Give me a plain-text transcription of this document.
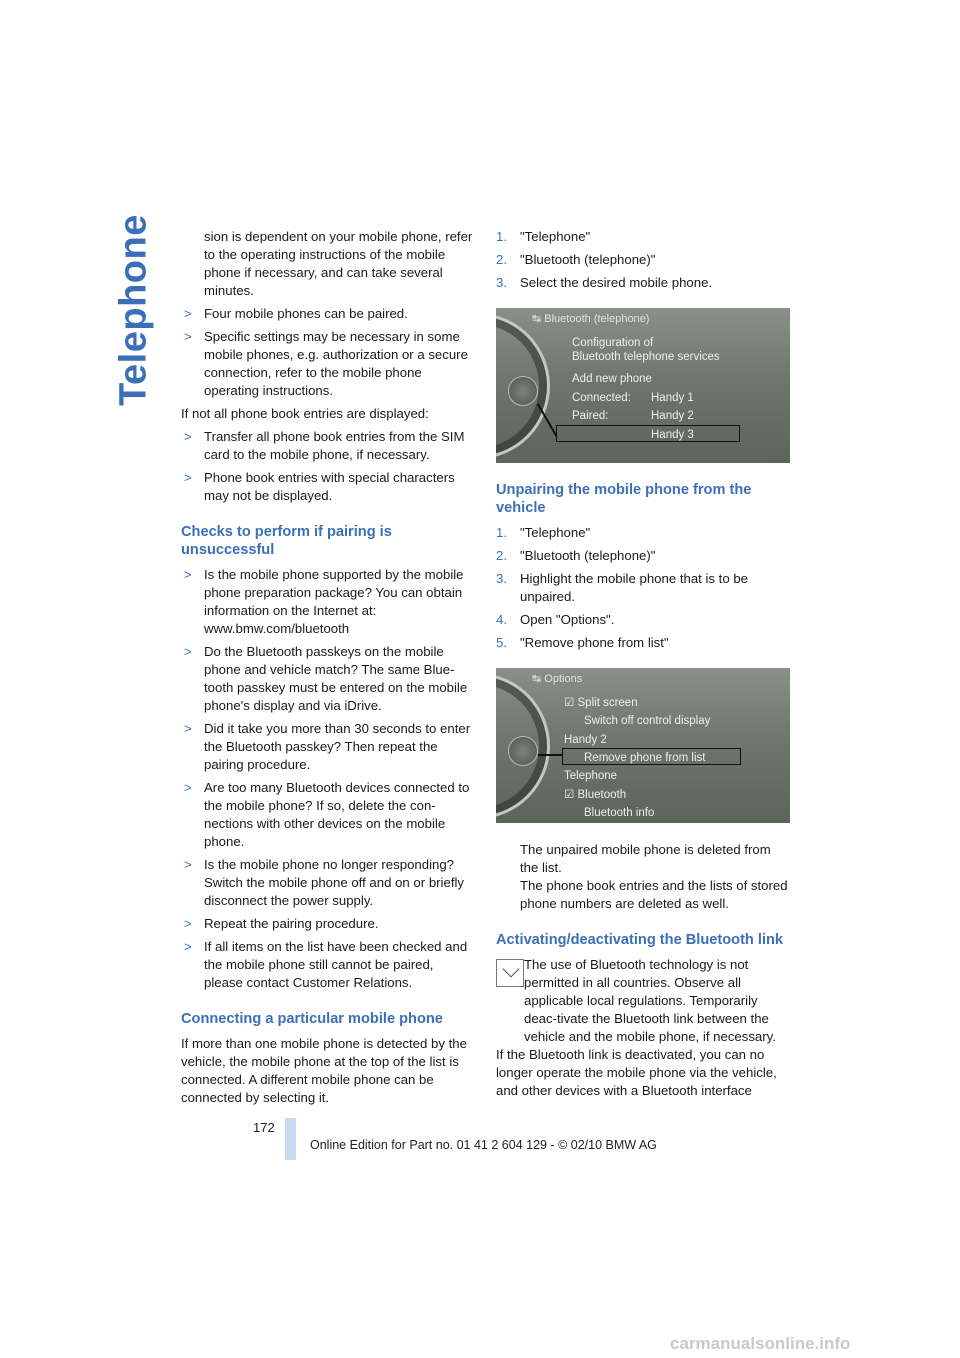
Telephone	sion is dependent on your mobile phone, refer to the operating instructions of the mobile phone if necessary, and can take several minutes.

> Four mobile phones can be paired.
> Specific settings may be necessary in some mobile phones, e.g. authorization or a secure connection, refer to the mobile phone operating instructions.

If not all phone book entries are displayed:

> Transfer all phone book entries from the SIM card to the mobile phone, if necessary.
> Phone book entries with special characters may not be displayed.
Checks to perform if pairing is unsuccessful
> Is the mobile phone supported by the mobile phone preparation package? You can obtain information on the Internet at: www.bmw.com/bluetooth
> Do the Bluetooth passkeys on the mobile phone and vehicle match? The same Blue-tooth passkey must be entered on the mobile phone's display and via iDrive.
> Did it take you more than 30 seconds to enter the Bluetooth passkey? Then repeat the pairing procedure.
> Are too many Bluetooth devices connected to the mobile phone? If so, delete the con-nections with other devices on the mobile phone.
> Is the mobile phone no longer responding? Switch the mobile phone off and on or briefly disconnect the power supply.
> Repeat the pairing procedure.
> If all items on the list have been checked and the mobile phone still cannot be paired, please contact Customer Relations.
Connecting a particular mobile phone

If more than one mobile phone is detected by the vehicle, the mobile phone at the top of the list is connected. A different mobile phone can be connected by selecting it.

1. "Telephone"
2. "Bluetooth (telephone)"
3. Select the desired mobile phone.
↹ Bluetooth (telephone)
Configuration of
Bluetooth telephone services
Add new phone
Connected: Handy 1
Paired:	Handy 2
Handy 3
Unpairing the mobile phone from the vehicle
1. "Telephone"
2. "Bluetooth (telephone)"
3. Highlight the mobile phone that is to be unpaired.
4. Open "Options".
5. "Remove phone from list"
↹ Options
☑ Split screen
Switch off control display
Handy 2
Remove phone from list
Telephone
☑ Bluetooth
Bluetooth info

The unpaired mobile phone is deleted from the list.

The phone book entries and the lists of stored phone numbers are deleted as well.

Activating/deactivating the Bluetooth link
The use of Bluetooth technology is not permitted in all countries. Observe all applicable local regulations. Temporarily deac-tivate the Bluetooth link between the vehicle and the mobile phone, if necessary.

If the Bluetooth link is deactivated, you can no longer operate the mobile phone via the vehicle, and other devices with a Bluetooth interface

172
Online Edition for Part no. 01 41 2 604 129 - © 02/10 BMW AG
carmanualsonline.info
